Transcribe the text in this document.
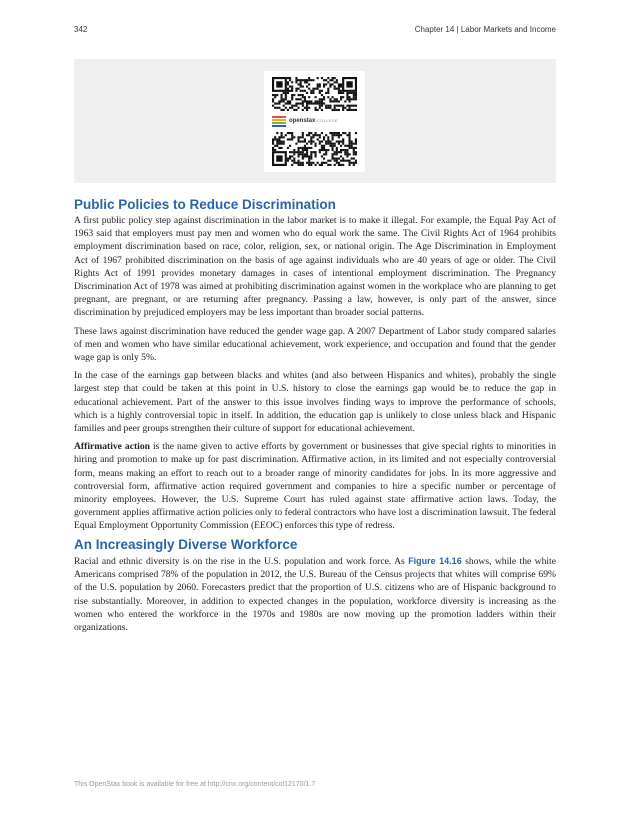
342	Chapter 14 | Labor Markets and Income
openstax COLLEGE
Public Policies to Reduce Discrimination

A first public policy step against discrimination in the labor market is to make it illegal. For example, the Equal Pay Act of 1963 said that employers must pay men and women who do equal work the same. The Civil Rights Act of 1964 prohibits employment discrimination based on race, color, religion, sex, or national origin. The Age Discrimination in Employment Act of 1967 prohibited discrimination on the basis of age against individuals who are 40 years of age or older. The Civil Rights Act of 1991 provides monetary damages in cases of intentional employment discrimination. The Pregnancy Discrimination Act of 1978 was aimed at prohibiting discrimination against women in the workplace who are planning to get pregnant, are pregnant, or are returning after pregnancy. Passing a law, however, is only part of the answer, since discrimination by prejudiced employers may be less important than broader social patterns.

These laws against discrimination have reduced the gender wage gap. A 2007 Department of Labor study compared salaries of men and women who have similar educational achievement, work experience, and occupation and found that the gender wage gap is only 5%.

In the case of the earnings gap between blacks and whites (and also between Hispanics and whites), probably the single largest step that could be taken at this point in U.S. history to close the earnings gap would be to reduce the gap in educational achievement. Part of the answer to this issue involves finding ways to improve the performance of schools, which is a highly controversial topic in itself. In addition, the education gap is unlikely to close unless black and Hispanic families and peer groups strengthen their culture of support for educational achievement.

Affirmative action is the name given to active efforts by government or businesses that give special rights to minorities in hiring and promotion to make up for past discrimination. Affirmative action, in its limited and not especially controversial form, means making an effort to reach out to a broader range of minority candidates for jobs. In its more aggressive and controversial form, affirmative action required government and companies to hire a specific number or percentage of minority employees. However, the U.S. Supreme Court has ruled against state affirmative action laws. Today, the government applies affirmative action policies only to federal contractors who have lost a discrimination lawsuit. The federal Equal Employment Opportunity Commission (EEOC) enforces this type of redress.

An Increasingly Diverse Workforce

Racial and ethnic diversity is on the rise in the U.S. population and work force. As Figure 14.16 shows, while the white Americans comprised 78% of the population in 2012, the U.S. Bureau of the Census projects that whites will comprise 69% of the U.S. population by 2060. Forecasters predict that the proportion of U.S. citizens who are of Hispanic background to rise substantially. Moreover, in addition to expected changes in the population, workforce diversity is increasing as the women who entered the workforce in the 1970s and 1980s are now moving up the promotion ladders within their organizations.

This OpenStax book is available for free at http://cnx.org/content/col12170/1.7
